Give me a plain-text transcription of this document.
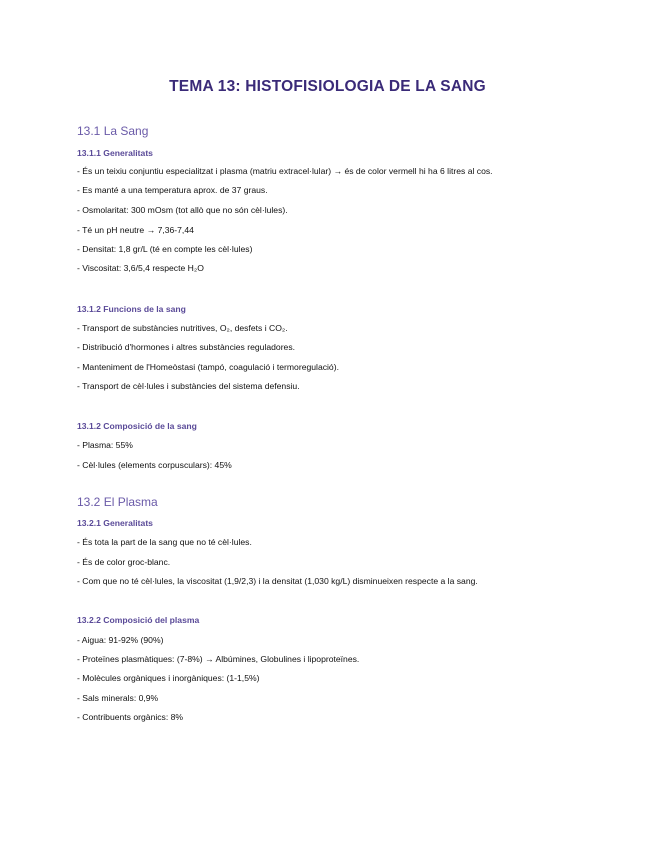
TEMA 13: HISTOFISIOLOGIA DE LA SANG
13.1 La Sang
13.1.1 Generalitats
- És un teixiu conjuntiu especialitzat i plasma (matriu extracel·lular) → és de color vermell hi ha 6 litres al cos.
- Es manté a una temperatura aprox. de 37 graus.
- Osmolaritat: 300 mOsm (tot allò que no són cèl·lules).
- Té un pH neutre → 7,36-7,44
- Densitat: 1,8 gr/L (té en compte les cèl·lules)
- Viscositat: 3,6/5,4 respecte H₂O
13.1.2 Funcions de la sang
- Transport de substàncies nutritives, O₂, desfets i CO₂.
- Distribució d'hormones i altres substàncies reguladores.
- Manteniment de l'Homeòstasi (tampó, coagulació i termoregulació).
- Transport de cèl·lules i substàncies del sistema defensiu.
13.1.2 Composició de la sang
- Plasma: 55%
- Cèl·lules (elements corpusculars): 45%
13.2 El Plasma
13.2.1 Generalitats
- És tota la part de la sang que no té cèl·lules.
- És de color groc-blanc.
- Com que no té cèl·lules, la viscositat (1,9/2,3) i la densitat (1,030 kg/L) disminueixen respecte a la sang.
13.2.2 Composició del plasma
- Aigua: 91-92% (90%)
- Proteïnes plasmàtiques: (7-8%) → Albúmines, Globulines i lipoproteïnes.
- Molècules orgàniques i inorgàniques: (1-1,5%)
- Sals minerals: 0,9%
- Contribuents orgànics: 8%
